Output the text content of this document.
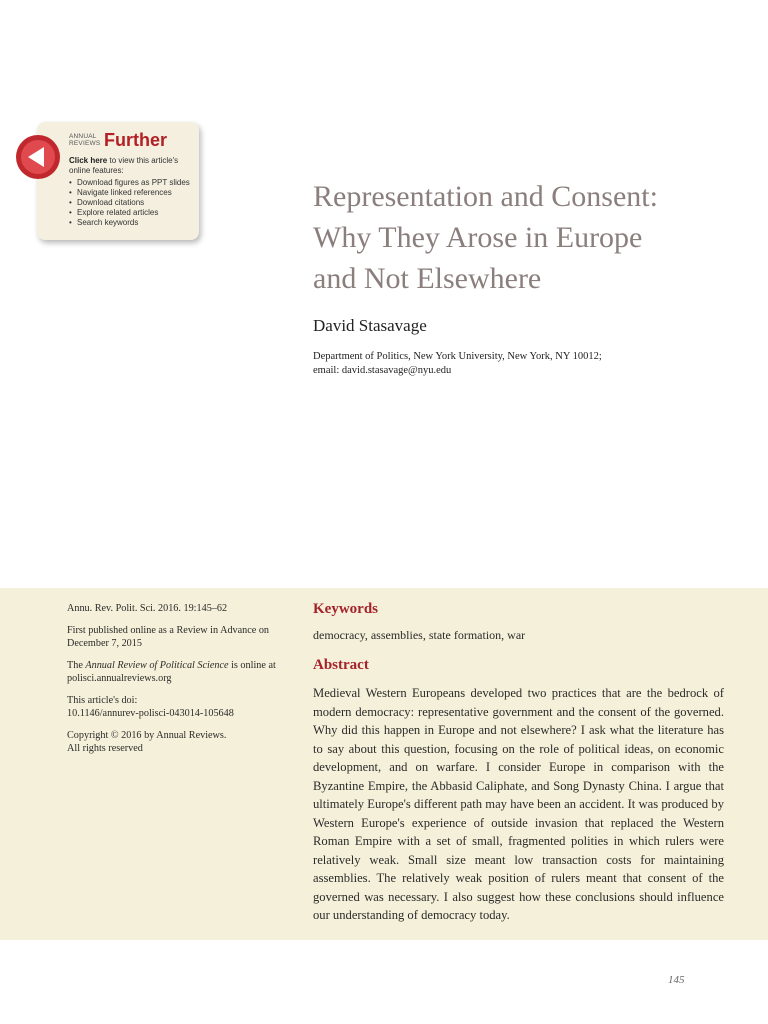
ANNUAL
REVIEWS Further
Click here to view this article's online features:
• Download figures as PPT slides
• Navigate linked references
• Download citations
• Explore related articles
• Search keywords
Representation and Consent:
Why They Arose in Europe
and Not Elsewhere
David Stasavage
Department of Politics, New York University, New York, NY 10012;
email: david.stasavage@nyu.edu

Annu. Rev. Polit. Sci. 2016. 19:145–62

First published online as a Review in Advance on December 7, 2015

The Annual Review of Political Science is online at polisci.annualreviews.org

This article's doi:
10.1146/annurev-polisci-043014-105648

Copyright © 2016 by Annual Reviews.
All rights reserved

Keywords
democracy, assemblies, state formation, war
Abstract

Medieval Western Europeans developed two practices that are the bedrock of modern democracy: representative government and the consent of the governed. Why did this happen in Europe and not elsewhere? I ask what the literature has to say about this question, focusing on the role of political ideas, on economic development, and on warfare. I consider Europe in comparison with the Byzantine Empire, the Abbasid Caliphate, and Song Dynasty China. I argue that ultimately Europe's different path may have been an accident. It was produced by Western Europe's experience of outside invasion that replaced the Western Roman Empire with a set of small, fragmented polities in which rulers were relatively weak. Small size meant low transaction costs for maintaining assemblies. The relatively weak position of rulers meant that consent of the governed was necessary. I also suggest how these conclusions should influence our understanding of democracy today.

145
